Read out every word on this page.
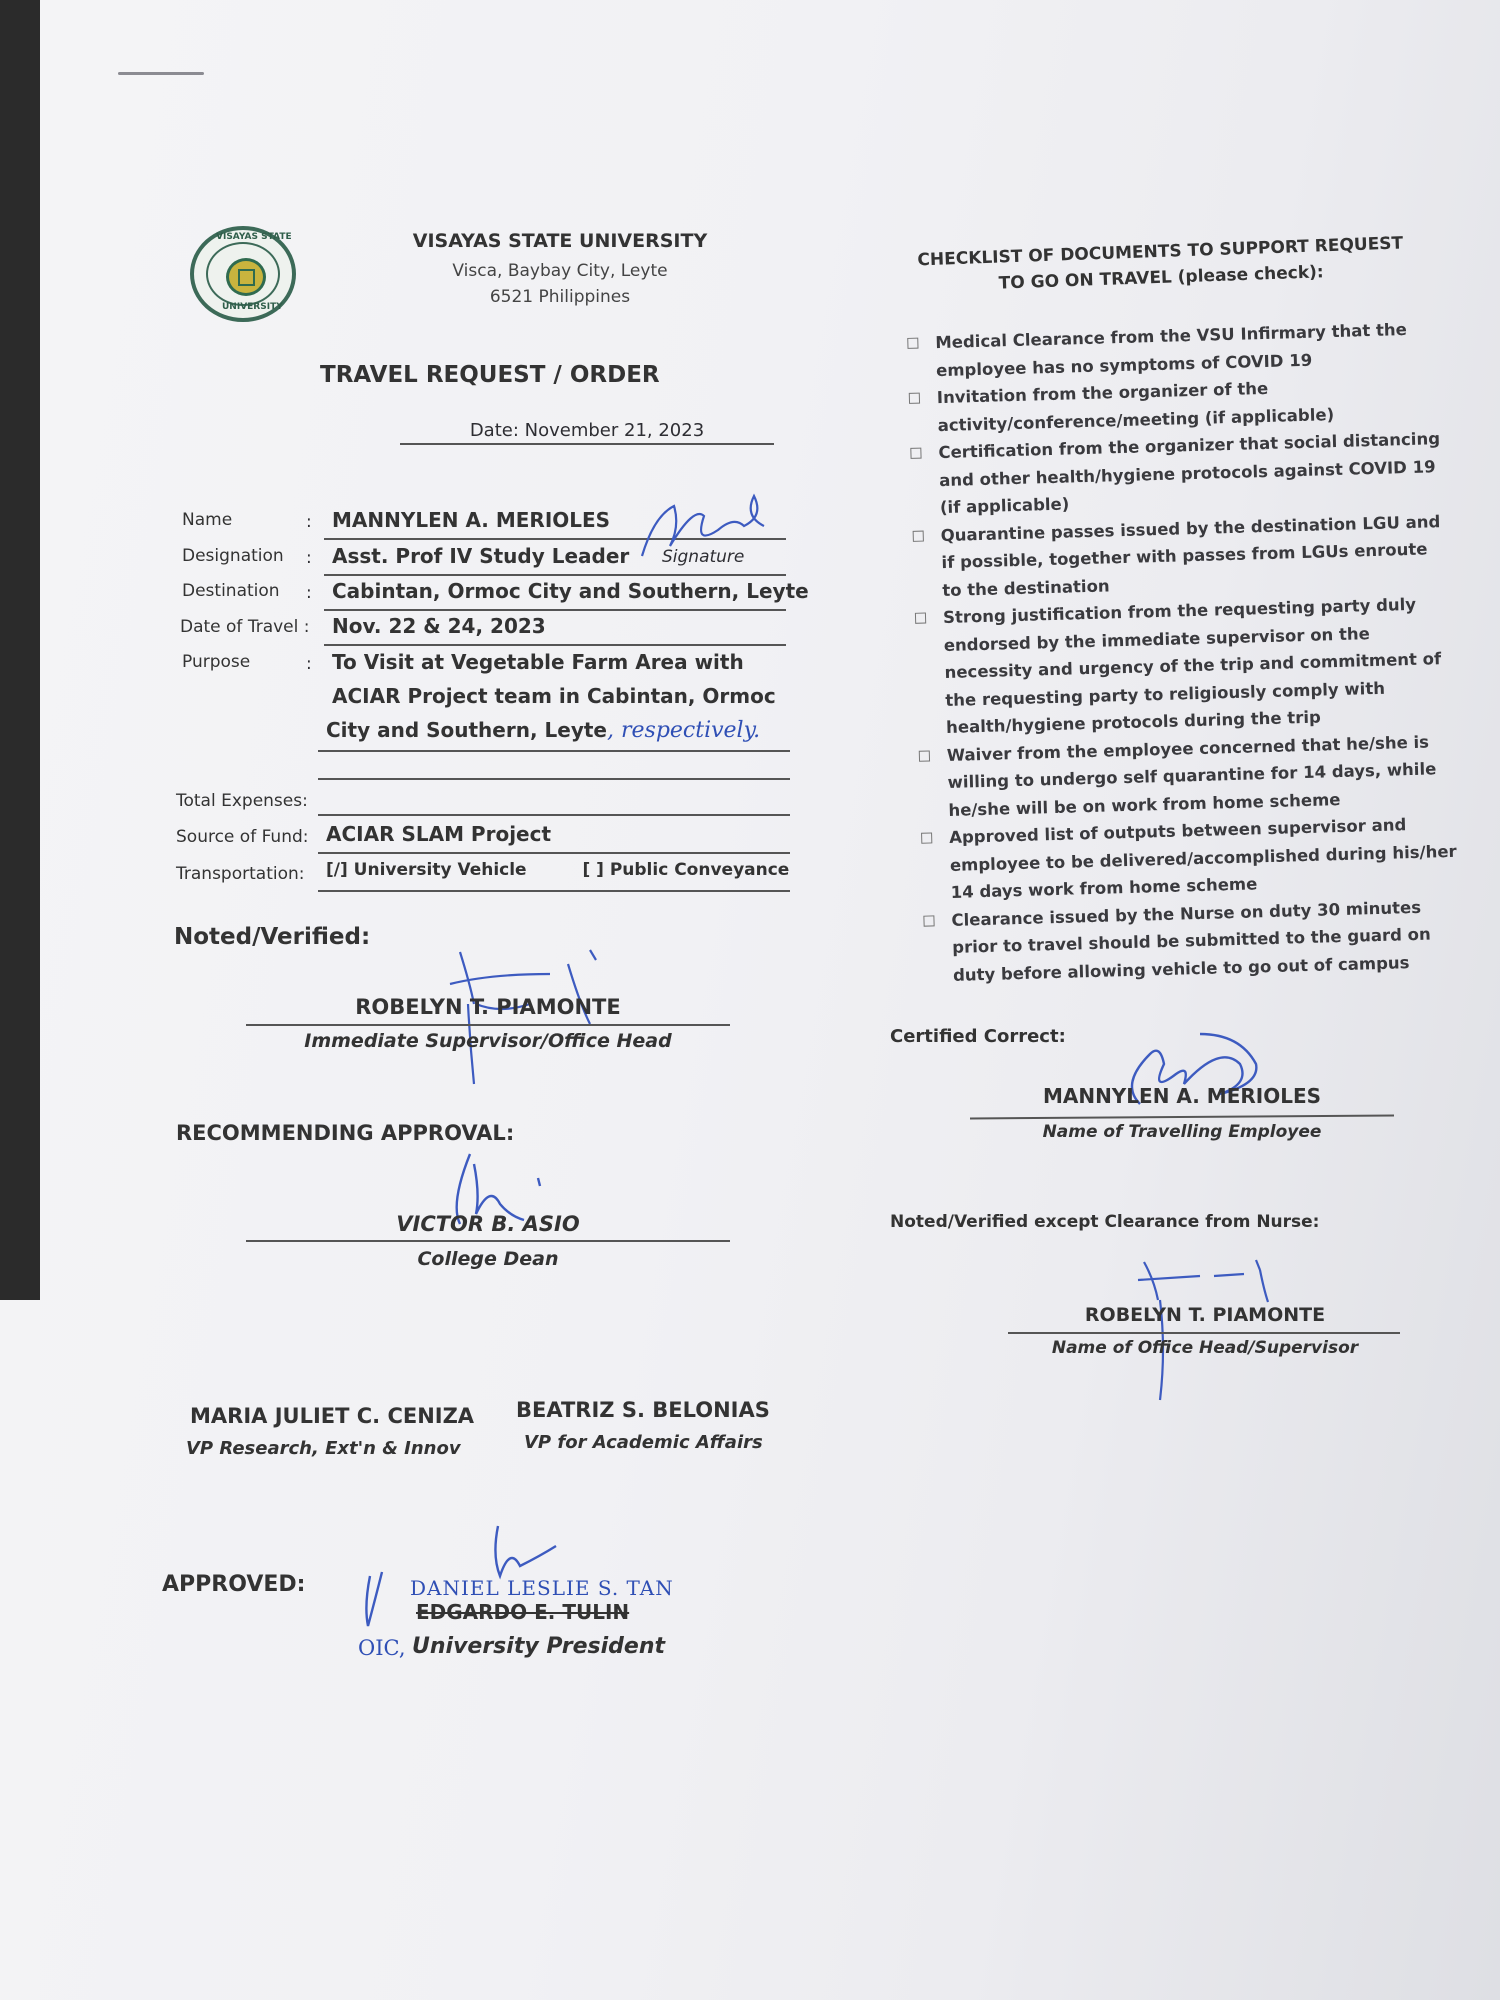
VISAYAS STATE
UNIVERSITY
VISAYAS STATE UNIVERSITY
Visca, Baybay City, Leyte
6521 Philippines
TRAVEL REQUEST / ORDER
Date: November 21, 2023
Name	:	MANNYLEN A. MERIOLES
Designation :	Asst. Prof IV Study Leader	Signature
Destination :	Cabintan, Ormoc City and Southern, Leyte
Date of Travel :	Nov. 22 & 24, 2023
Purpose	:	To Visit at Vegetable Farm Area with
ACIAR Project team in Cabintan, Ormoc
City and Southern, Leyte, respectively.
Total Expenses:
Source of Fund: ACIAR SLAM Project
Transportation:	[/] University Vehicle	[ ] Public Conveyance
Noted/Verified:
ROBELYN T. PIAMONTE
Immediate Supervisor/Office Head
RECOMMENDING APPROVAL:
VICTOR B. ASIO
College Dean
MARIA JULIET C. CENIZA
VP Research, Ext'n & Innov
BEATRIZ S. BELONIAS
VP for Academic Affairs
APPROVED:	DANIEL LESLIE S. TAN
EDGARDO E. TULIN
OIC, University President
CHECKLIST OF DOCUMENTS TO SUPPORT REQUEST
TO GO ON TRAVEL (please check):
Medical Clearance from the VSU Infirmary that the employee has no symptoms of COVID 19
Invitation from the organizer of the activity/conference/meeting (if applicable)
Certification from the organizer that social distancing and other health/hygiene protocols against COVID 19 (if applicable)
Quarantine passes issued by the destination LGU and if possible, together with passes from LGUs enroute to the destination
Strong justification from the requesting party duly endorsed by the immediate supervisor on the necessity and urgency of the trip and commitment of the requesting party to religiously comply with health/hygiene protocols during the trip
Waiver from the employee concerned that he/she is willing to undergo self quarantine for 14 days, while he/she will be on work from home scheme
Approved list of outputs between supervisor and employee to be delivered/accomplished during his/her 14 days work from home scheme
Clearance issued by the Nurse on duty 30 minutes prior to travel should be submitted to the guard on duty before allowing vehicle to go out of campus
Certified Correct:
MANNYLEN A. MERIOLES
Name of Travelling Employee
Noted/Verified except Clearance from Nurse:
ROBELYN T. PIAMONTE
Name of Office Head/Supervisor
